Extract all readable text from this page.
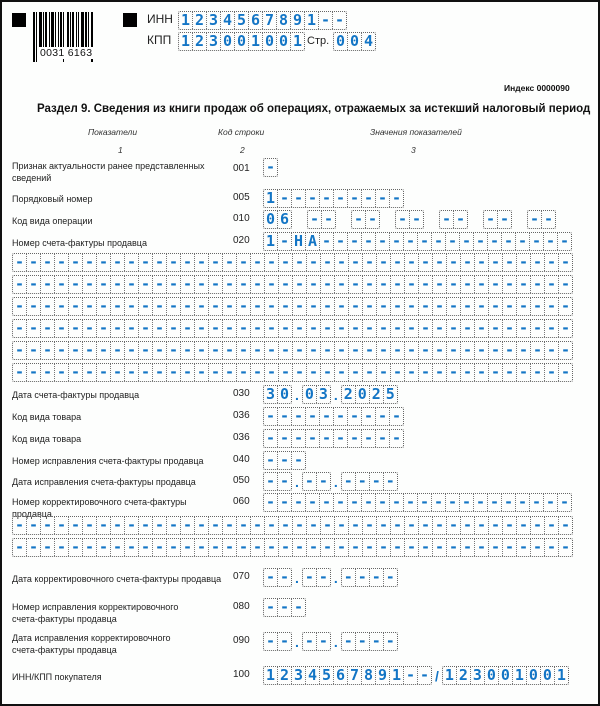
0031 6163
ИНН 1 2 3 4 5 6 7 8 9 1 - -
КПП 1 2 3 0 0 1 0 0 1 Стр. 0 0 4
Индекс 0000090
Раздел 9. Сведения из книги продаж об операциях, отражаемых за истекший налоговый период
Показатели	Код строки	Значения показателей
1	2	3
Признак актуальности ранее представленных сведений
001 -
Порядковый номер	005 1 - - - - - - - - -
Код вида операции	010 0 6 - - - - - - - - - - - -
Номер счета-фактуры продавца	020 1 - Н А - - - - - - - - - - - - - - - - - -
- - - - - - - - - - - - - - - - - - - - - - - - - - - - - - - - - - - - - - - -
- - - - - - - - - - - - - - - - - - - - - - - - - - - - - - - - - - - - - - - -
- - - - - - - - - - - - - - - - - - - - - - - - - - - - - - - - - - - - - - - -
- - - - - - - - - - - - - - - - - - - - - - - - - - - - - - - - - - - - - - - -
- - - - - - - - - - - - - - - - - - - - - - - - - - - - - - - - - - - - - - - -
- - - - - - - - - - - - - - - - - - - - - - - - - - - - - - - - - - - - - - - -
Дата счета-фактуры продавца	030 3 0 . 0 3 . 2 0 2 5
Код вида товара	036 - - - - - - - - - -
Код вида товара	036 - - - - - - - - - -
Номер исправления счета-фактуры продавца	040 - - -
Дата исправления счета-фактуры продавца	050 - - . - - . - - - -
Номер корректировочного счета-фактуры продавца
060 - - - - - - - - - - - - - - - - - - - - - -
- - - - - - - - - - - - - - - - - - - - - - - - - - - - - - - - - - - - - - - -
- - - - - - - - - - - - - - - - - - - - - - - - - - - - - - - - - - - - - - - -
Дата корректировочного счета-фактуры продавца 070 - - . - - . - - - -
Номер исправления корректировочного счета-фактуры продавца
080 - - -
Дата исправления корректировочного счета-фактуры продавца
090 - - . - - . - - - -
ИНН/КПП покупателя	100 1 2 3 4 5 6 7 8 9 1 - - / 1 2 3 0 0 1 0 0 1
